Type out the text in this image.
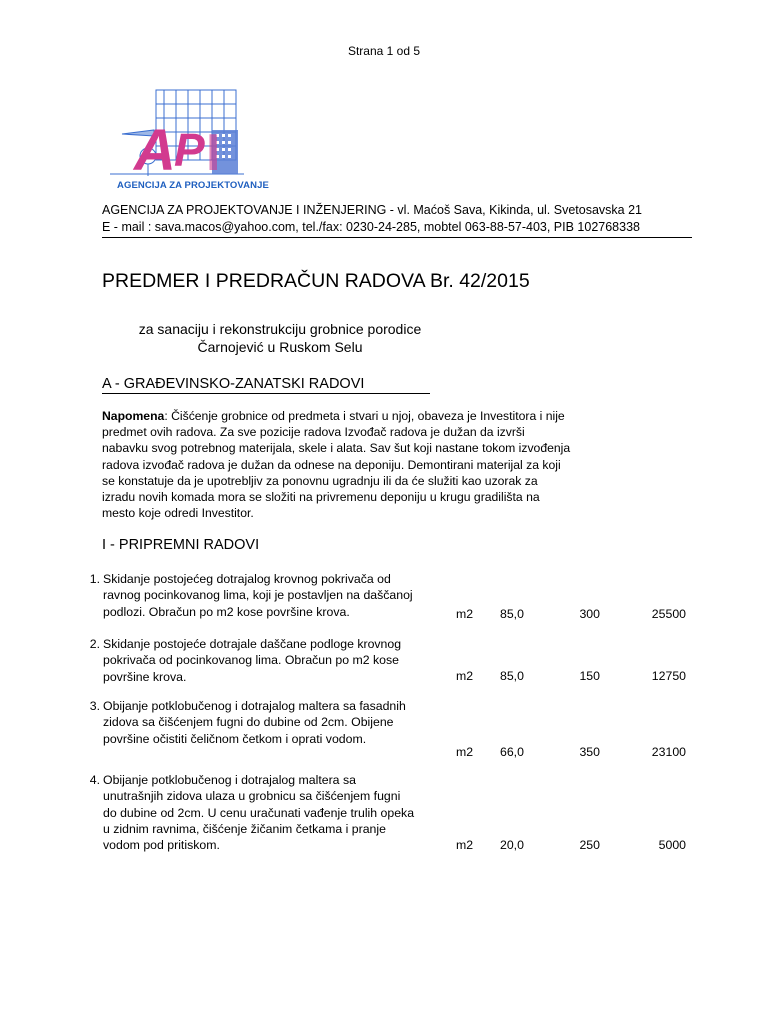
Strana 1 od 5
A
P I
AGENCIJA ZA PROJEKTOVANJE
AGENCIJA ZA PROJEKTOVANJE I INŽENJERING - vl. Maćoš Sava, Kikinda, ul. Svetosavska 21

E - mail : sava.macos@yahoo.com, tel./fax: 0230-24-285, mobtel 063-88-57-403, PIB 102768338
PREDMER I PREDRAČUN RADOVA Br. 42/2015
za sanaciju i rekonstrukciju grobnice porodice
Čarnojević u Ruskom Selu
A - GRAĐEVINSKO-ZANATSKI RADOVI
Napomena: Čišćenje grobnice od predmeta i stvari u njoj, obaveza je Investitora i nije
predmet ovih radova. Za sve pozicije radova Izvođač radova je dužan da izvrši
nabavku svog potrebnog materijala, skele i alata. Sav šut koji nastane tokom izvođenja
radova izvođač radova je dužan da odnese na deponiju. Demontirani materijal za koji
se konstatuje da je upotrebljiv za ponovnu ugradnju ili da će služiti kao uzorak za
izradu novih komada mora se složiti na privremenu deponiju u krugu gradilišta na
mesto koje odredi Investitor.
I - PRIPREMNI RADOVI
1. Skidanje postojećeg dotrajalog krovnog pokrivača od
ravnog pocinkovanog lima, koji je postavljen na daščanoj
podlozi. Obračun po m2 kose površine krova.	m2	85,0	300	25500
2. Skidanje postojeće dotrajale daščane podloge krovnog
pokrivača od pocinkovanog lima. Obračun po m2 kose
površine krova.	m2	85,0	150	12750
3. Obijanje potklobučenog i dotrajalog maltera sa fasadnih
zidova sa čišćenjem fugni do dubine od 2cm. Obijene
površine očistiti čeličnom četkom i oprati vodom.
m2	66,0	350	23100
4. Obijanje potklobučenog i dotrajalog maltera sa
unutrašnjih zidova ulaza u grobnicu sa čišćenjem fugni
do dubine od 2cm. U cenu uračunati vađenje trulih opeka
u zidnim ravnima, čišćenje žičanim četkama i pranje
vodom pod pritiskom.	m2	20,0	250	5000
